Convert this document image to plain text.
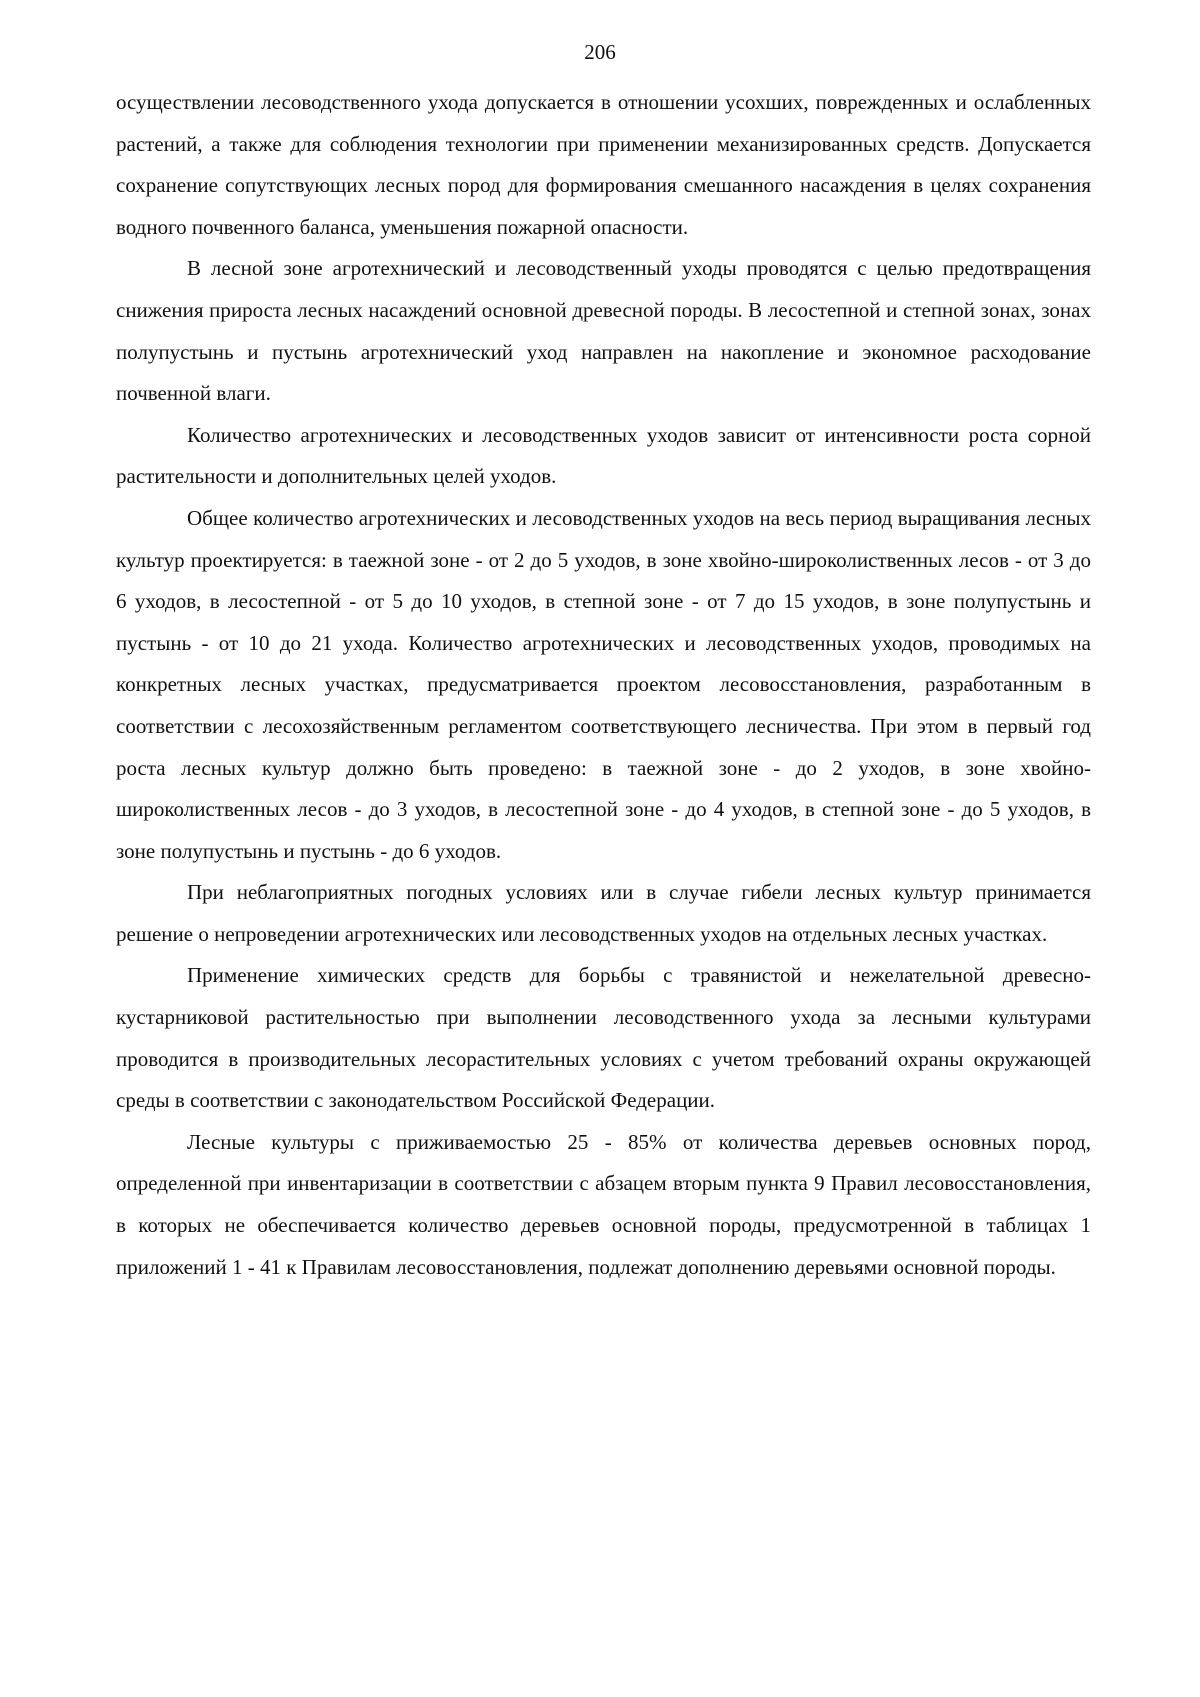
206

осуществлении лесоводственного ухода допускается в отношении усохших, поврежденных и ослабленных растений, а также для соблюдения технологии при применении механизированных средств. Допускается сохранение сопутствующих лесных пород для формирования смешанного насаждения в целях сохранения водного почвенного баланса, уменьшения пожарной опасности.

В лесной зоне агротехнический и лесоводственный уходы проводятся с целью предотвращения снижения прироста лесных насаждений основной древесной породы. В лесостепной и степной зонах, зонах полупустынь и пустынь агротехнический уход направлен на накопление и экономное расходование почвенной влаги.

Количество агротехнических и лесоводственных уходов зависит от интенсивности роста сорной растительности и дополнительных целей уходов.

Общее количество агротехнических и лесоводственных уходов на весь период выращивания лесных культур проектируется: в таежной зоне - от 2 до 5 уходов, в зоне хвойно-широколиственных лесов - от 3 до 6 уходов, в лесостепной - от 5 до 10 уходов, в степной зоне - от 7 до 15 уходов, в зоне полупустынь и пустынь - от 10 до 21 ухода. Количество агротехнических и лесоводственных уходов, проводимых на конкретных лесных участках, предусматривается проектом лесовосстановления, разработанным в соответствии с лесохозяйственным регламентом соответствующего лесничества. При этом в первый год роста лесных культур должно быть проведено: в таежной зоне - до 2 уходов, в зоне хвойно-широколиственных лесов - до 3 уходов, в лесостепной зоне - до 4 уходов, в степной зоне - до 5 уходов, в зоне полупустынь и пустынь - до 6 уходов.

При неблагоприятных погодных условиях или в случае гибели лесных культур принимается решение о непроведении агротехнических или лесоводственных уходов на отдельных лесных участках.

Применение химических средств для борьбы с травянистой и нежелательной древесно-кустарниковой растительностью при выполнении лесоводственного ухода за лесными культурами проводится в производительных лесорастительных условиях с учетом требований охраны окружающей среды в соответствии с законодательством Российской Федерации.

Лесные культуры с приживаемостью 25 - 85% от количества деревьев основных пород, определенной при инвентаризации в соответствии с абзацем вторым пункта 9 Правил лесовосстановления, в которых не обеспечивается количество деревьев основной породы, предусмотренной в таблицах 1 приложений 1 - 41 к Правилам лесовосстановления, подлежат дополнению деревьями основной породы.
